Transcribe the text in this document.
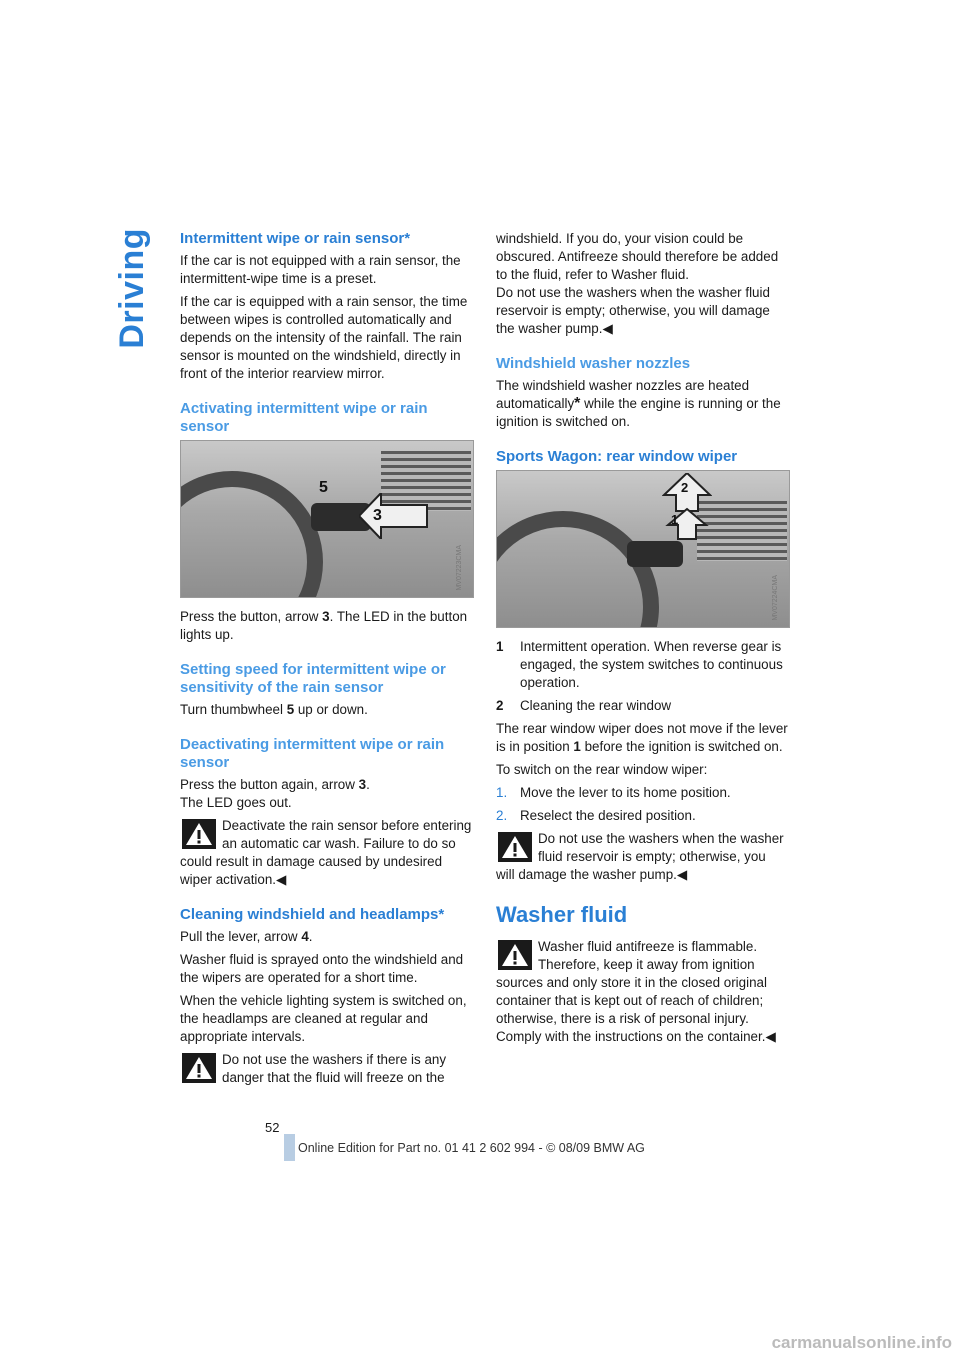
Driving Intermittent wipe or rain sensor*

If the car is not equipped with a rain sensor, the intermittent-wipe time is a preset.

If the car is equipped with a rain sensor, the time between wipes is controlled automatically and depends on the intensity of the rainfall. The rain sensor is mounted on the windshield, directly in front of the interior rearview mirror.

Activating intermittent wipe or rain sensor
5
3
MV07223CMA

Press the button, arrow 3. The LED in the button lights up.

Setting speed for intermittent wipe or sensitivity of the rain sensor

Turn thumbwheel 5 up or down.

Deactivating intermittent wipe or rain sensor

Press the button again, arrow 3.

The LED goes out.

Deactivate the rain sensor before entering an automatic car wash. Failure to do so could result in damage caused by undesired wiper activation.◀
Cleaning windshield and headlamps*

Pull the lever, arrow 4.

Washer fluid is sprayed onto the windshield and the wipers are operated for a short time.

When the vehicle lighting system is switched on, the headlamps are cleaned at regular and appropriate intervals.

Do not use the washers if there is any danger that the fluid will freeze on the

windshield. If you do, your vision could be obscured. Antifreeze should therefore be added to the fluid, refer to Washer fluid.

Do not use the washers when the washer fluid reservoir is empty; otherwise, you will damage the washer pump.◀

Windshield washer nozzles

The windshield washer nozzles are heated automatically* while the engine is running or the ignition is switched on.

Sports Wagon: rear window wiper
2
1
MV07224CMA
1	Intermittent operation. When reverse gear is engaged, the system switches to continuous operation.
2	Cleaning the rear window

The rear window wiper does not move if the lever is in position 1 before the ignition is switched on.

To switch on the rear window wiper:

1. Move the lever to its home position.
2. Reselect the desired position.
Do not use the washers when the washer fluid reservoir is empty; otherwise, you will damage the washer pump.◀
Washer fluid
Washer fluid antifreeze is flammable. Therefore, keep it away from ignition sources and only store it in the closed original container that is kept out of reach of children; otherwise, there is a risk of personal injury. Comply with the instructions on the container.◀
52
Online Edition for Part no. 01 41 2 602 994 - © 08/09 BMW AG
carmanualsonline.info
